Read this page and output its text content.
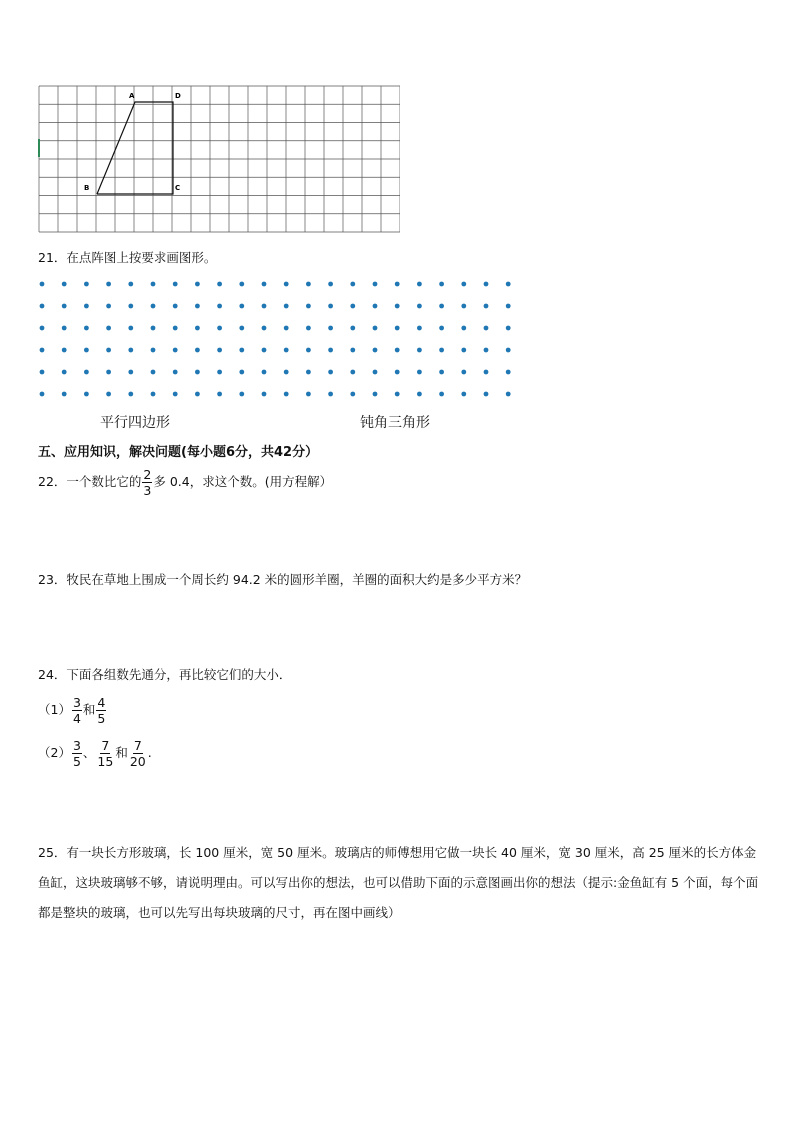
A	D
B	C
21．在点阵图上按要求画图形。
平行四边形	钝角三角形
五、应用知识，解决问题(每小题6分，共42分）
22．一个数比它的 $\frac{2}{3}$ 多 0.4，求这个数。(用方程解）
23．牧民在草地上围成一个周长约 94.2 米的圆形羊圈，羊圈的面积大约是多少平方米？
24．下面各组数先通分，再比较它们的大小．
$(1) \frac{3}{4}$ 和 $\frac{4}{5}$
$(2) \frac{3}{5}$ 、 $\frac{7}{15}$ 和 $\frac{7}{20}$ .
25．有一块长方形玻璃，长 100 厘米，宽 50 厘米。玻璃店的师傅想用它做一块长 40 厘米，宽 30 厘米，高 25 厘米的长方体金鱼缸，这块玻璃够不够，请说明理由。可以写出你的想法，也可以借助下面的示意图画出你的想法（提示:金鱼缸有 5 个面，每个面都是整块的玻璃，也可以先写出每块玻璃的尺寸，再在图中画线）
